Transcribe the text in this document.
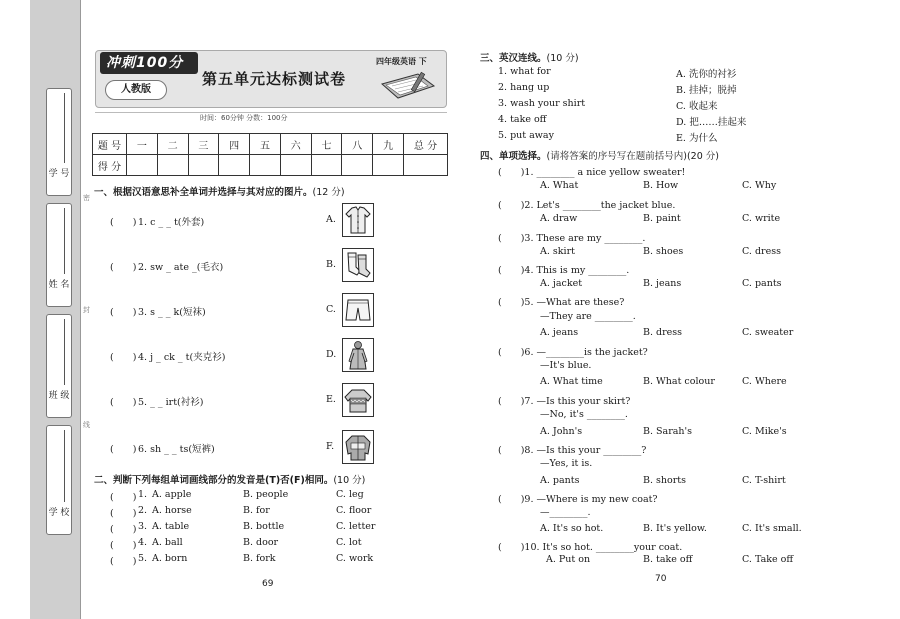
学 号
姓 名
班 级
学 校
密
封
线
冲刺100分
人教版
第五单元达标测试卷
四年级英语 下
时间：60分钟 分数：100分
题 号	一	二	三	四	五	六	七	八	九	总 分
得 分										
一、根据汉语意思补全单词并选择与其对应的图片。(12 分)
(　　) 1. c _ _ t(外套)	A.
(　　) 2. sw _ ate _(毛衣)	B.
(　　) 3. s _ _ k(短袜)	C.
(　　) 4. j _ ck _ t(夹克衫)	D.
(　　) 5. _ _ irt(衬衫)	E.
(　　) 6. sh _ _ ts(短裤)	F.
二、判断下列每组单词画线部分的发音是(T)否(F)相同。(10 分)
(　　) 1. A. apple	B. people	C. leg
(　　) 2. A. horse	B. for	C. floor
(　　) 3. A. table	B. bottle	C. letter
(　　) 4. A. ball	B. door	C. lot
(　　) 5. A. born	B. fork	C. work
69
三、英汉连线。(10 分)
1. what for
2. hang up
3. wash your shirt
4. take off
5. put away
A. 洗你的衬衫
B. 挂掉；脱掉
C. 收起来
D. 把……挂起来
E. 为什么
四、单项选择。(请将答案的序号写在题前括号内)(20 分)
(　　)1. ________ a nice yellow sweater!
A. What	B. How	C. Why
(　　)2. Let's ________the jacket blue.
A. draw	B. paint	C. write
(　　)3. These are my ________.
A. skirt	B. shoes	C. dress
(　　)4. This is my ________.
A. jacket	B. jeans	C. pants
(　　)5. —What are these?
—They are ________.
A. jeans	B. dress	C. sweater
(　　)6. —________is the jacket?
—It's blue.
A. What time	B. What colour	C. Where
(　　)7. —Is this your skirt?
—No, it's ________.
A. John's	B. Sarah's	C. Mike's
(　　)8. —Is this your ________?
—Yes, it is.
A. pants	B. shorts	C. T-shirt
(　　)9. —Where is my new coat?
—________.
A. It's so hot.	B. It's yellow.	C. It's small.
(　　)10. It's so hot. ________your coat.
A. Put on	B. take off	C. Take off
70
